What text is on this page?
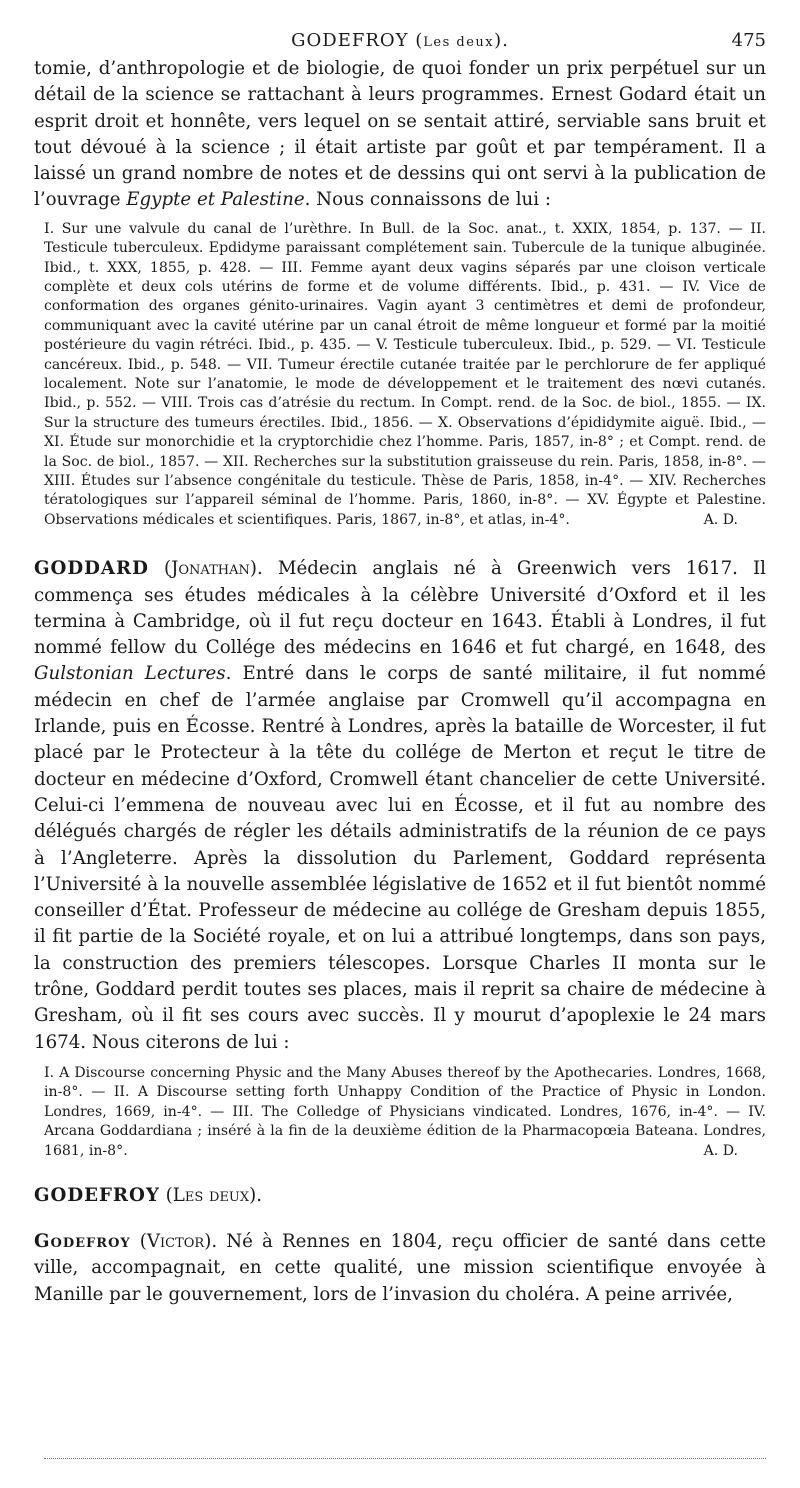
GODEFROY (Les deux).	475

tomie, d’anthropologie et de biologie, de quoi fonder un prix perpétuel sur un détail de la science se rattachant à leurs programmes. Ernest Godard était un esprit droit et honnête, vers lequel on se sentait attiré, serviable sans bruit et tout dévoué à la science ; il était artiste par goût et par tempérament. Il a laissé un grand nombre de notes et de dessins qui ont servi à la publication de l’ouvrage Egypte et Palestine. Nous connaissons de lui :

I. Sur une valvule du canal de l’urèthre. In Bull. de la Soc. anat., t. XXIX, 1854, p. 137. — II. Testicule tuberculeux. Epdidyme paraissant complétement sain. Tubercule de la tunique albuginée. Ibid., t. XXX, 1855, p. 428. — III. Femme ayant deux vagins séparés par une cloison verticale complète et deux cols utérins de forme et de volume différents. Ibid., p. 431. — IV. Vice de conformation des organes génito-urinaires. Vagin ayant 3 centimètres et demi de profondeur, communiquant avec la cavité utérine par un canal étroit de même longueur et formé par la moitié postérieure du vagin rétréci. Ibid., p. 435. — V. Testicule tuberculeux. Ibid., p. 529. — VI. Testicule cancéreux. Ibid., p. 548. — VII. Tumeur érectile cutanée traitée par le perchlorure de fer appliqué localement. Note sur l’anatomie, le mode de développement et le traitement des nœvi cutanés. Ibid., p. 552. — VIII. Trois cas d’atrésie du rectum. In Compt. rend. de la Soc. de biol., 1855. — IX. Sur la structure des tumeurs érectiles. Ibid., 1856. — X. Observations d’épididymite aiguë. Ibid., — XI. Étude sur monorchidie et la cryptorchidie chez l’homme. Paris, 1857, in-8° ; et Compt. rend. de la Soc. de biol., 1857. — XII. Recherches sur la substitution graisseuse du rein. Paris, 1858, in-8°. — XIII. Études sur l’absence congénitale du testicule. Thèse de Paris, 1858, in-4°. — XIV. Recherches tératologiques sur l’appareil séminal de l’homme. Paris, 1860, in-8°. — XV. Égypte et Palestine. Observations médicales et scientifiques. Paris, 1867, in-8°, et atlas, in-4°.	A. D.

GODDARD (Jonathan). Médecin anglais né à Greenwich vers 1617. Il commença ses études médicales à la célèbre Université d’Oxford et il les termina à Cambridge, où il fut reçu docteur en 1643. Établi à Londres, il fut nommé fellow du Collége des médecins en 1646 et fut chargé, en 1648, des Gulstonian Lectures. Entré dans le corps de santé militaire, il fut nommé médecin en chef de l’armée anglaise par Cromwell qu’il accompagna en Irlande, puis en Écosse. Rentré à Londres, après la bataille de Worcester, il fut placé par le Protecteur à la tête du collége de Merton et reçut le titre de docteur en médecine d’Oxford, Cromwell étant chancelier de cette Université. Celui-ci l’emmena de nouveau avec lui en Écosse, et il fut au nombre des délégués chargés de régler les détails administratifs de la réunion de ce pays à l’Angleterre. Après la dissolution du Parlement, Goddard représenta l’Université à la nouvelle assemblée législative de 1652 et il fut bientôt nommé conseiller d’État. Professeur de médecine au collége de Gresham depuis 1855, il fit partie de la Société royale, et on lui a attribué longtemps, dans son pays, la construction des premiers télescopes. Lorsque Charles II monta sur le trône, Goddard perdit toutes ses places, mais il reprit sa chaire de médecine à Gresham, où il fit ses cours avec succès. Il y mourut d’apoplexie le 24 mars 1674. Nous citerons de lui :

I. A Discourse concerning Physic and the Many Abuses thereof by the Apothecaries. Londres, 1668, in-8°. — II. A Discourse setting forth Unhappy Condition of the Practice of Physic in London. Londres, 1669, in-4°. — III. The Colledge of Physicians vindicated. Londres, 1676, in-4°. — IV. Arcana Goddardiana ; inséré à la fin de la deuxième édition de la Pharmacopœia Bateana. Londres, 1681, in-8°.	A. D.

GODEFROY (Les deux).

Godefroy (Victor). Né à Rennes en 1804, reçu officier de santé dans cette ville, accompagnait, en cette qualité, une mission scientifique envoyée à Manille par le gouvernement, lors de l’invasion du choléra. A peine arrivée,
